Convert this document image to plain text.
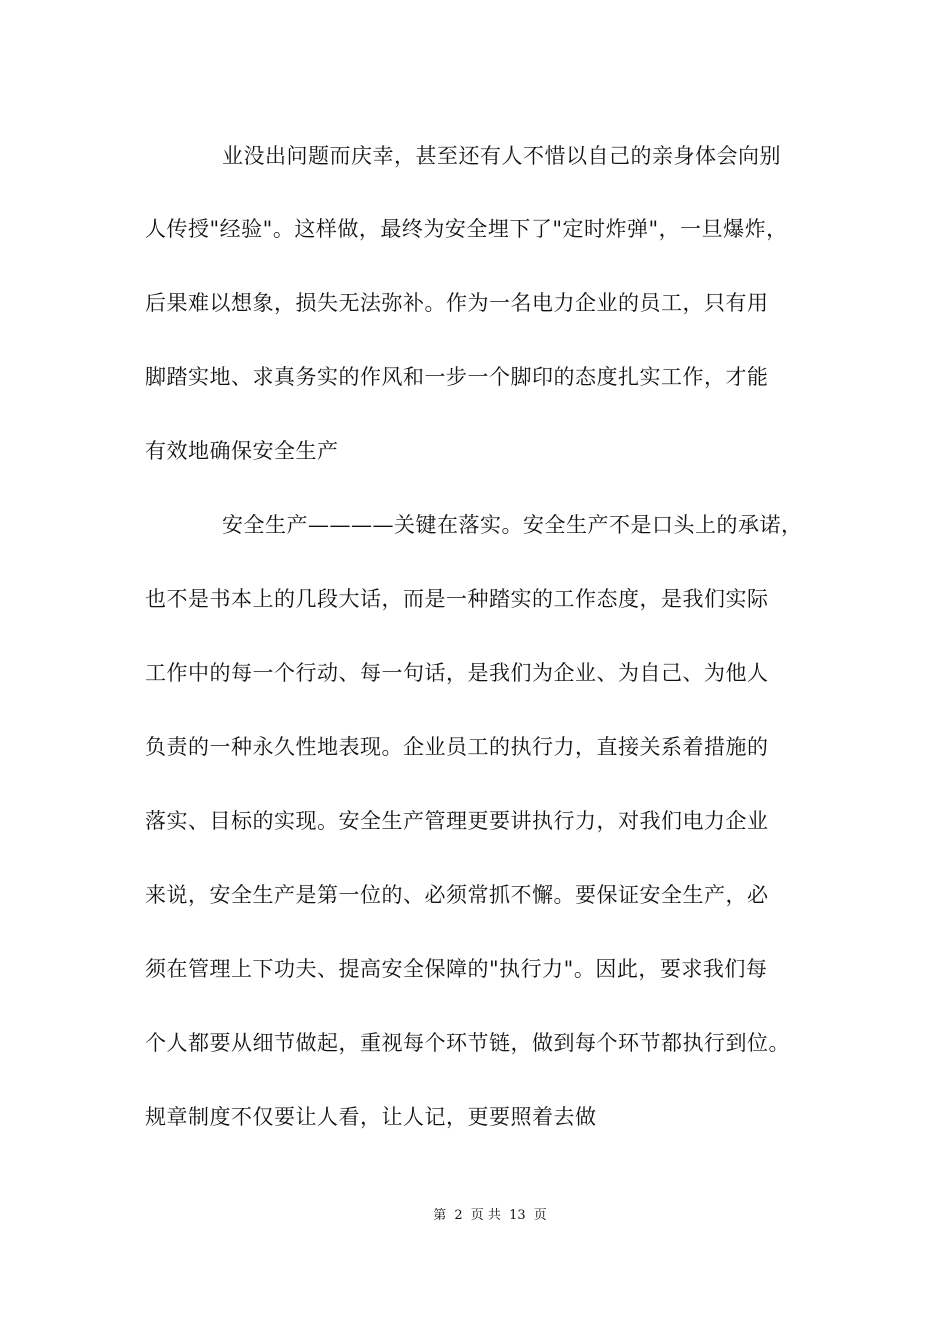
业没出问题而庆幸，甚至还有人不惜以自己的亲身体会向别
人传授"经验"。这样做，最终为安全埋下了"定时炸弹"，一旦爆炸，
后果难以想象，损失无法弥补。作为一名电力企业的员工，只有用
脚踏实地、求真务实的作风和一步一个脚印的态度扎实工作，才能
有效地确保安全生产
安全生产————关键在落实。安全生产不是口头上的承诺，
也不是书本上的几段大话，而是一种踏实的工作态度，是我们实际
工作中的每一个行动、每一句话，是我们为企业、为自己、为他人
负责的一种永久性地表现。企业员工的执行力，直接关系着措施的
落实、目标的实现。安全生产管理更要讲执行力，对我们电力企业
来说，安全生产是第一位的、必须常抓不懈。要保证安全生产，必
须在管理上下功夫、提高安全保障的"执行力"。因此，要求我们每
个人都要从细节做起，重视每个环节链，做到每个环节都执行到位。
规章制度不仅要让人看，让人记，更要照着去做
第 2 页 共 13 页
